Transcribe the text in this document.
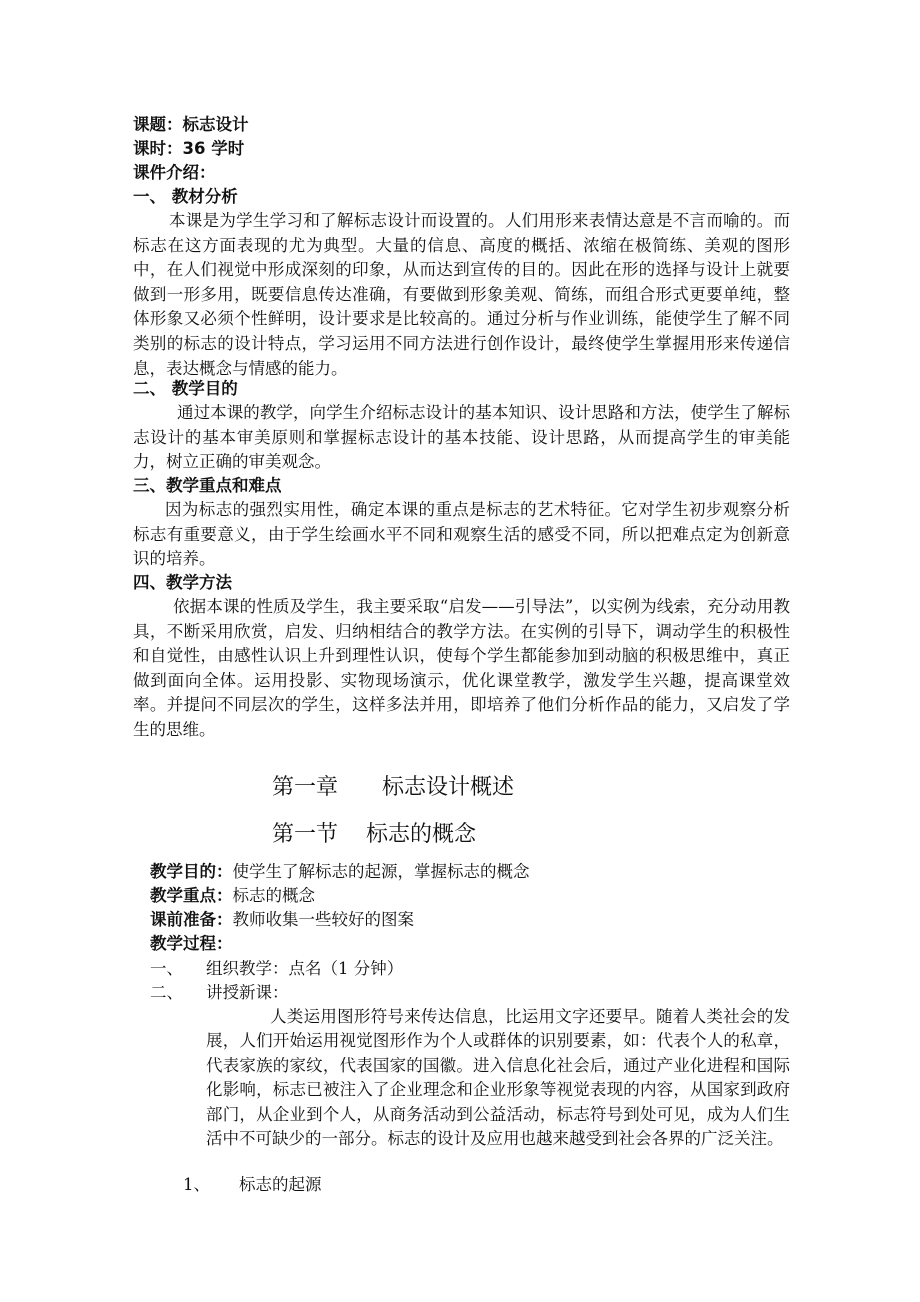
课题：标志设计
课时：36 学时
课件介绍：
一、 教材分析
本课是为学生学习和了解标志设计而设置的。人们用形来表情达意是不言而喻的。而标志在这方面表现的尤为典型。大量的信息、高度的概括、浓缩在极简练、美观的图形中，在人们视觉中形成深刻的印象，从而达到宣传的目的。因此在形的选择与设计上就要做到一形多用，既要信息传达准确，有要做到形象美观、简练，而组合形式更要单纯，整体形象又必须个性鲜明，设计要求是比较高的。通过分析与作业训练，能使学生了解不同类别的标志的设计特点，学习运用不同方法进行创作设计，最终使学生掌握用形来传递信息，表达概念与情感的能力。
二、 教学目的
通过本课的教学，向学生介绍标志设计的基本知识、设计思路和方法，使学生了解标志设计的基本审美原则和掌握标志设计的基本技能、设计思路，从而提高学生的审美能力，树立正确的审美观念。
三、教学重点和难点
因为标志的强烈实用性，确定本课的重点是标志的艺术特征。它对学生初步观察分析标志有重要意义，由于学生绘画水平不同和观察生活的感受不同，所以把难点定为创新意识的培养。
四、教学方法
依据本课的性质及学生，我主要采取“启发——引导法”，以实例为线索，充分动用教具，不断采用欣赏，启发、归纳相结合的教学方法。在实例的引导下，调动学生的积极性和自觉性，由感性认识上升到理性认识，使每个学生都能参加到动脑的积极思维中，真正做到面向全体。运用投影、实物现场演示，优化课堂教学，激发学生兴趣，提高课堂效率。并提问不同层次的学生，这样多法并用，即培养了他们分析作品的能力，又启发了学生的思维。
第一章 标志设计概述
第一节 标志的概念
教学目的：使学生了解标志的起源，掌握标志的概念
教学重点：标志的概念
课前准备：教师收集一些较好的图案
教学过程：
一、 组织教学：点名（1 分钟）
二、 讲授新课：
人类运用图形符号来传达信息，比运用文字还要早。随着人类社会的发展，人们开始运用视觉图形作为个人或群体的识别要素，如：代表个人的私章，代表家族的家纹，代表国家的国徽。进入信息化社会后，通过产业化进程和国际化影响，标志已被注入了企业理念和企业形象等视觉表现的内容，从国家到政府部门，从企业到个人，从商务活动到公益活动，标志符号到处可见，成为人们生活中不可缺少的一部分。标志的设计及应用也越来越受到社会各界的广泛关注。
1、 标志的起源
